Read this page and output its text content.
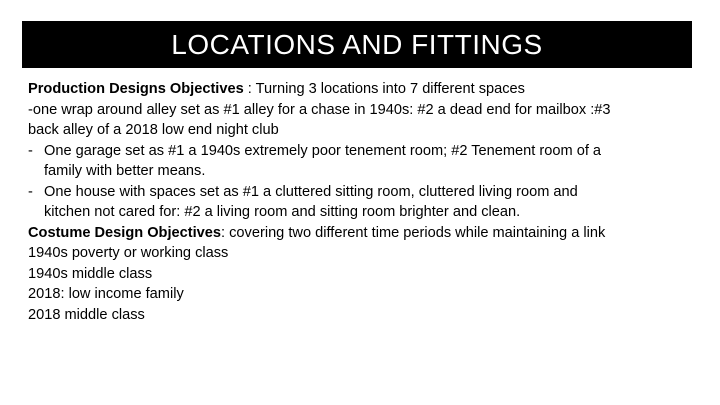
LOCATIONS AND FITTINGS
Production Designs Objectives : Turning 3 locations into 7 different spaces
-one wrap around alley set as #1 alley for a chase in 1940s: #2 a dead end for mailbox :#3
back alley of a 2018 low end night club
- One garage set as #1 a 1940s extremely poor tenement room; #2 Tenement room of a
family with better means.
- One house with spaces set as #1 a cluttered sitting room, cluttered living room and
kitchen not cared for: #2 a living room and sitting room brighter and clean.
Costume Design Objectives: covering two different time periods while maintaining a link
1940s poverty or working class
1940s middle class
2018: low income family
2018 middle class
